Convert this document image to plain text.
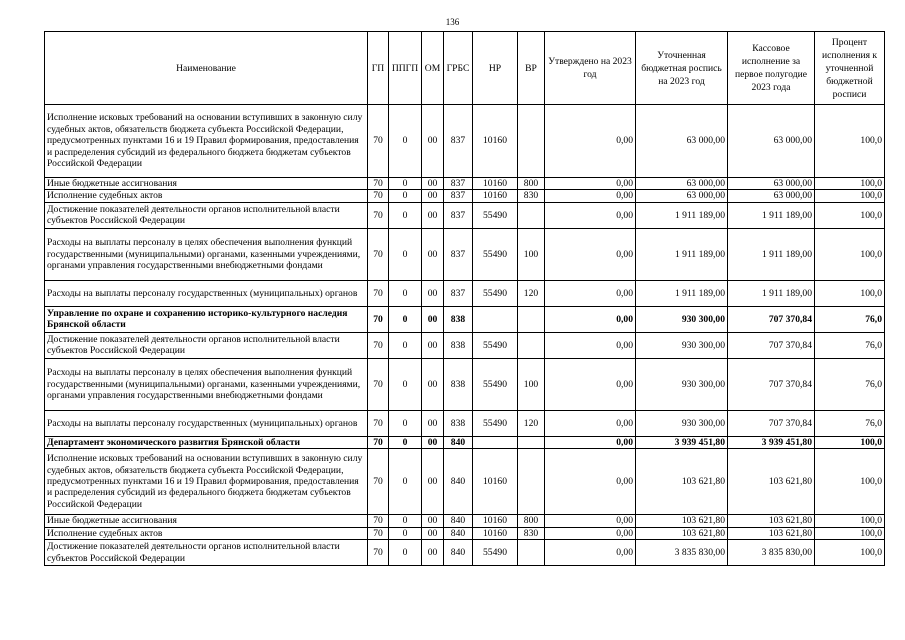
136
Наименование	ГП	ППГП	ОМ	ГРБС	НР	ВР	Утверждено на 2023 год	Уточненная бюджетная роспись на 2023 год	Кассовое исполнение за первое полугодие 2023 года	Процент исполнения к уточненной бюджетной росписи
Исполнение исковых требований на основании вступивших в законную силу судебных актов, обязательств бюджета субъекта Российской Федерации, предусмотренных пунктами 16 и 19 Правил формирования, предоставления и распределения субсидий из федерального бюджета бюджетам субъектов Российской Федерации	70	0	00	837	10160		0,00	63 000,00	63 000,00	100,0
Иные бюджетные ассигнования	70	0	00	837	10160	800	0,00	63 000,00	63 000,00	100,0
Исполнение судебных актов	70	0	00	837	10160	830	0,00	63 000,00	63 000,00	100,0
Достижение показателей деятельности органов исполнительной власти субъектов Российской Федерации	70	0	00	837	55490		0,00	1 911 189,00	1 911 189,00	100,0
Расходы на выплаты персоналу в целях обеспечения выполнения функций государственными (муниципальными) органами, казенными учреждениями, органами управления государственными внебюджетными фондами	70	0	00	837	55490	100	0,00	1 911 189,00	1 911 189,00	100,0
Расходы на выплаты персоналу государственных (муниципальных) органов	70	0	00	837	55490	120	0,00	1 911 189,00	1 911 189,00	100,0
Управление по охране и сохранению историко-культурного наследия Брянской области	70	0	00	838			0,00	930 300,00	707 370,84	76,0
Достижение показателей деятельности органов исполнительной власти субъектов Российской Федерации	70	0	00	838	55490		0,00	930 300,00	707 370,84	76,0
Расходы на выплаты персоналу в целях обеспечения выполнения функций государственными (муниципальными) органами, казенными учреждениями, органами управления государственными внебюджетными фондами	70	0	00	838	55490	100	0,00	930 300,00	707 370,84	76,0
Расходы на выплаты персоналу государственных (муниципальных) органов	70	0	00	838	55490	120	0,00	930 300,00	707 370,84	76,0
Департамент экономического развития Брянской области	70	0	00	840			0,00	3 939 451,80	3 939 451,80	100,0
Исполнение исковых требований на основании вступивших в законную силу судебных актов, обязательств бюджета субъекта Российской Федерации, предусмотренных пунктами 16 и 19 Правил формирования, предоставления и распределения субсидий из федерального бюджета бюджетам субъектов Российской Федерации	70	0	00	840	10160		0,00	103 621,80	103 621,80	100,0
Иные бюджетные ассигнования	70	0	00	840	10160	800	0,00	103 621,80	103 621,80	100,0
Исполнение судебных актов	70	0	00	840	10160	830	0,00	103 621,80	103 621,80	100,0
Достижение показателей деятельности органов исполнительной власти субъектов Российской Федерации	70	0	00	840	55490		0,00	3 835 830,00	3 835 830,00	100,0
